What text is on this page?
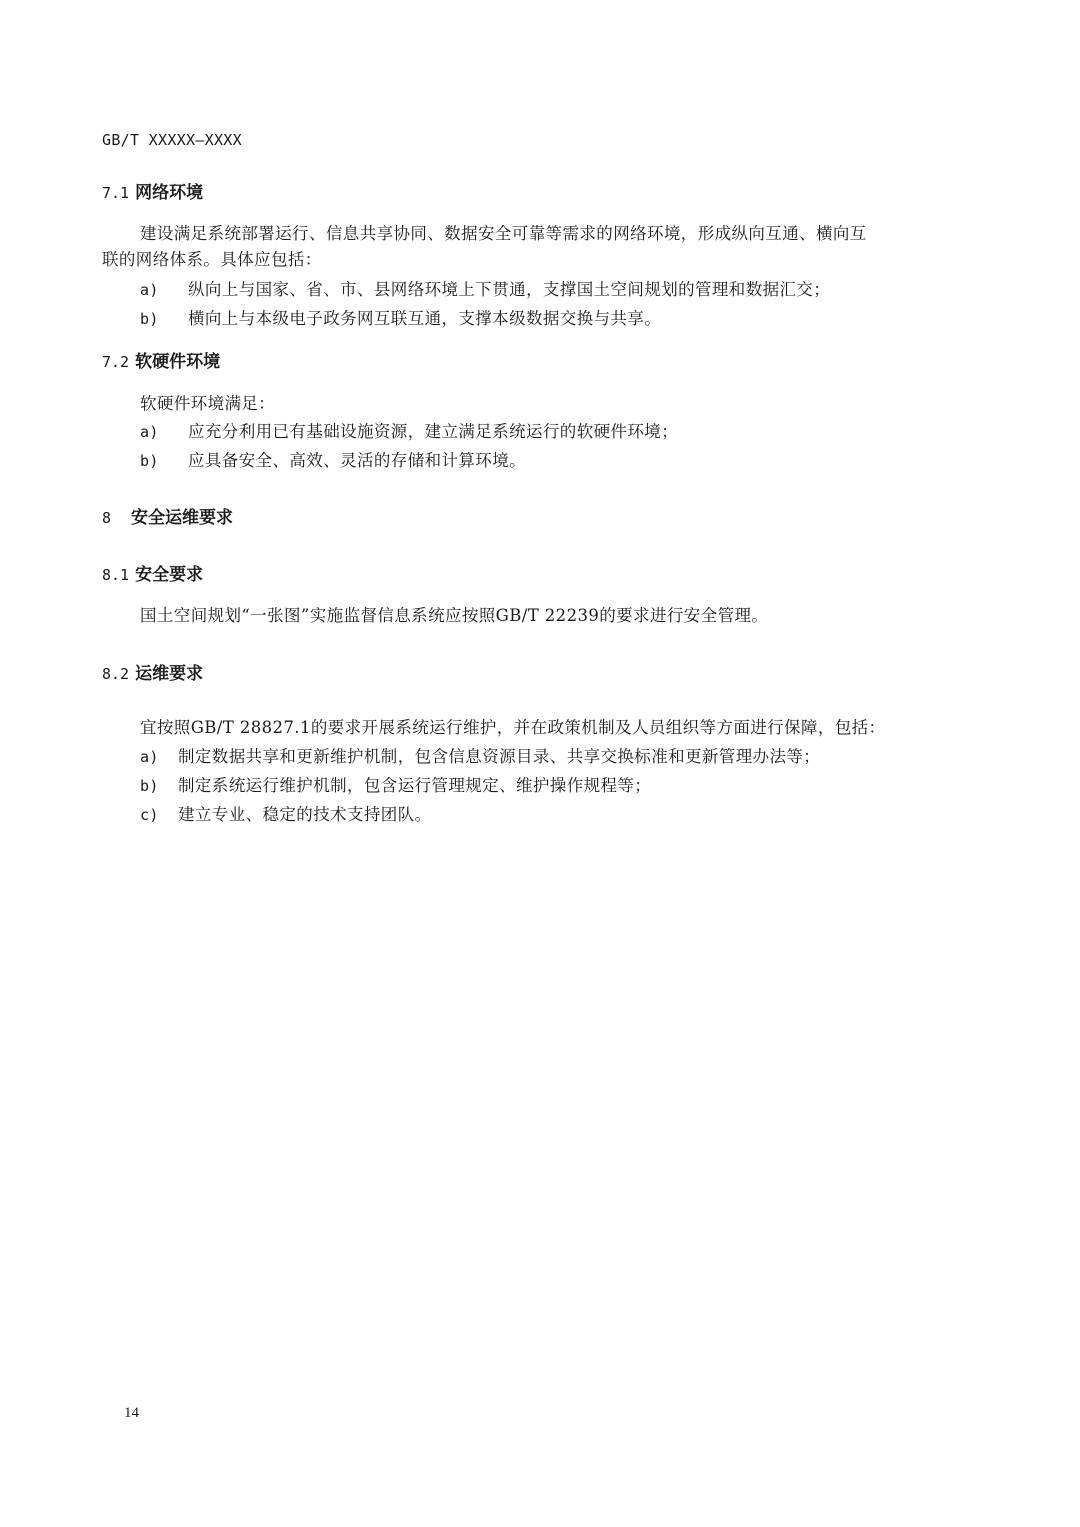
GB/T XXXXX—XXXX
7.1 网络环境
建设满足系统部署运行、信息共享协同、数据安全可靠等需求的网络环境，形成纵向互通、横向互
联的网络体系。具体应包括：
a) 纵向上与国家、省、市、县网络环境上下贯通，支撑国土空间规划的管理和数据汇交；
b) 横向上与本级电子政务网互联互通，支撑本级数据交换与共享。
7.2 软硬件环境
软硬件环境满足：
a) 应充分利用已有基础设施资源，建立满足系统运行的软硬件环境；
b) 应具备安全、高效、灵活的存储和计算环境。
8 安全运维要求
8.1 安全要求
国土空间规划“一张图”实施监督信息系统应按照GB/T 22239的要求进行安全管理。
8.2 运维要求
宜按照GB/T 28827.1的要求开展系统运行维护，并在政策机制及人员组织等方面进行保障，包括：
a) 制定数据共享和更新维护机制，包含信息资源目录、共享交换标准和更新管理办法等；
b) 制定系统运行维护机制，包含运行管理规定、维护操作规程等；
c) 建立专业、稳定的技术支持团队。
14
